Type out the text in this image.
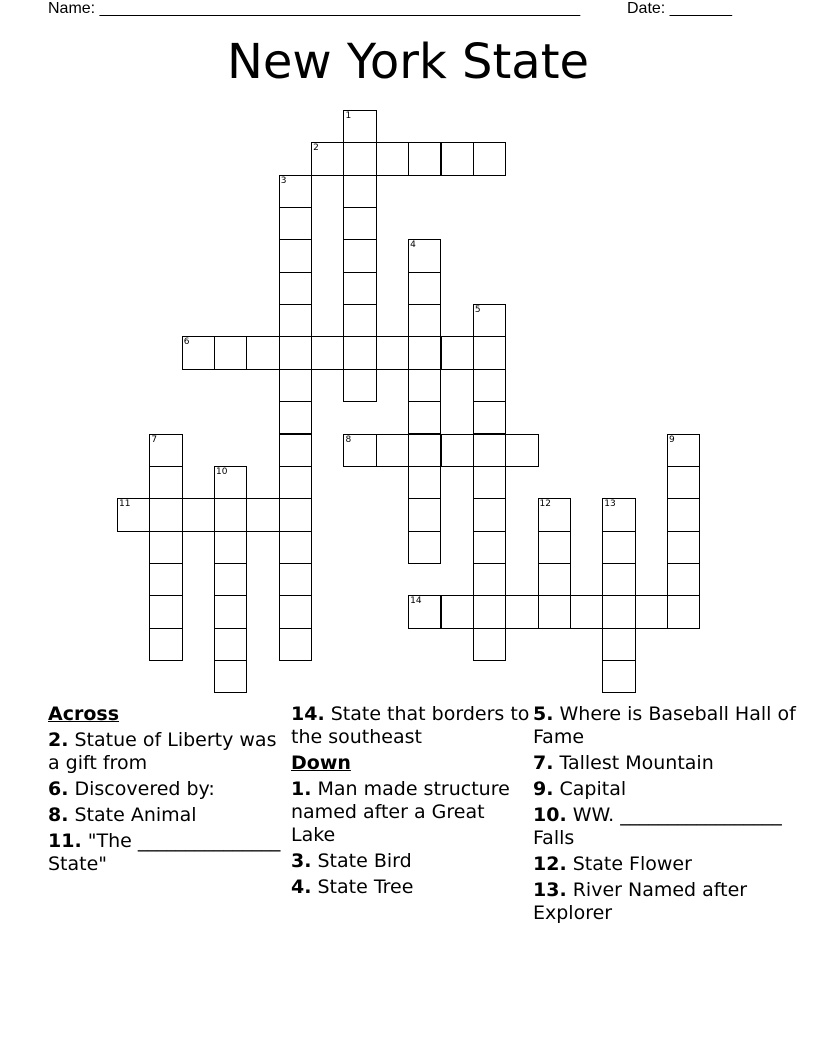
Name: ______________________________________________________	Date: _______
New York State
1
2
3
4
5
6
7	8	9
10
11	12	13
14
Across
2. Statue of Liberty was a gift from
6. Discovered by:
8. State Animal
11. "The _______________ State"
14. State that borders to the southeast
Down
1. Man made structure named after a Great Lake
3. State Bird
4. State Tree
5. Where is Baseball Hall of Fame
7. Tallest Mountain
9. Capital
10. WW. _________________ Falls
12. State Flower
13. River Named after Explorer
